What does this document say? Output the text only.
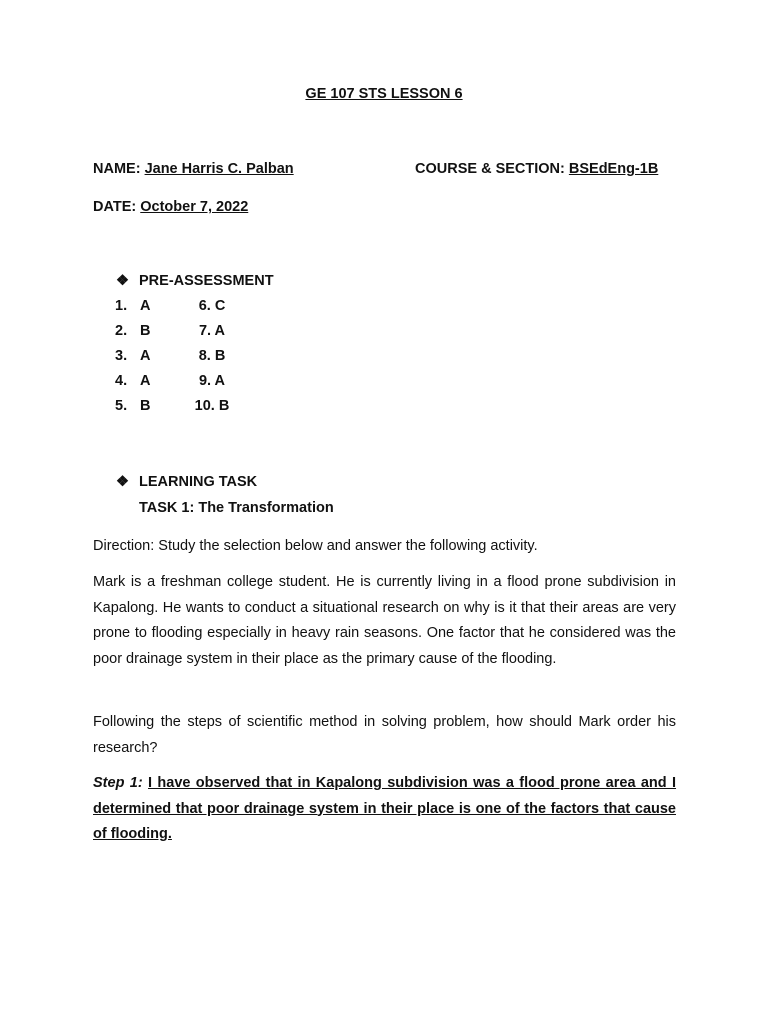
GE 107 STS LESSON 6
NAME: Jane Harris C. Palban	COURSE & SECTION: BSEdEng-1B
DATE: October 7, 2022
❖ PRE-ASSESSMENT
1. A	6. C
2. B	7. A
3. A	8. B
4. A	9. A
5. B	10. B
❖ LEARNING TASK
TASK 1: The Transformation
Direction: Study the selection below and answer the following activity.

Mark is a freshman college student. He is currently living in a flood prone subdivision in Kapalong. He wants to conduct a situational research on why is it that their areas are very prone to flooding especially in heavy rain seasons. One factor that he considered was the poor drainage system in their place as the primary cause of the flooding.

Following the steps of scientific method in solving problem, how should Mark order his research?

Step 1: I have observed that in Kapalong subdivision was a flood prone area and I determined that poor drainage system in their place is one of the factors that cause of flooding.
